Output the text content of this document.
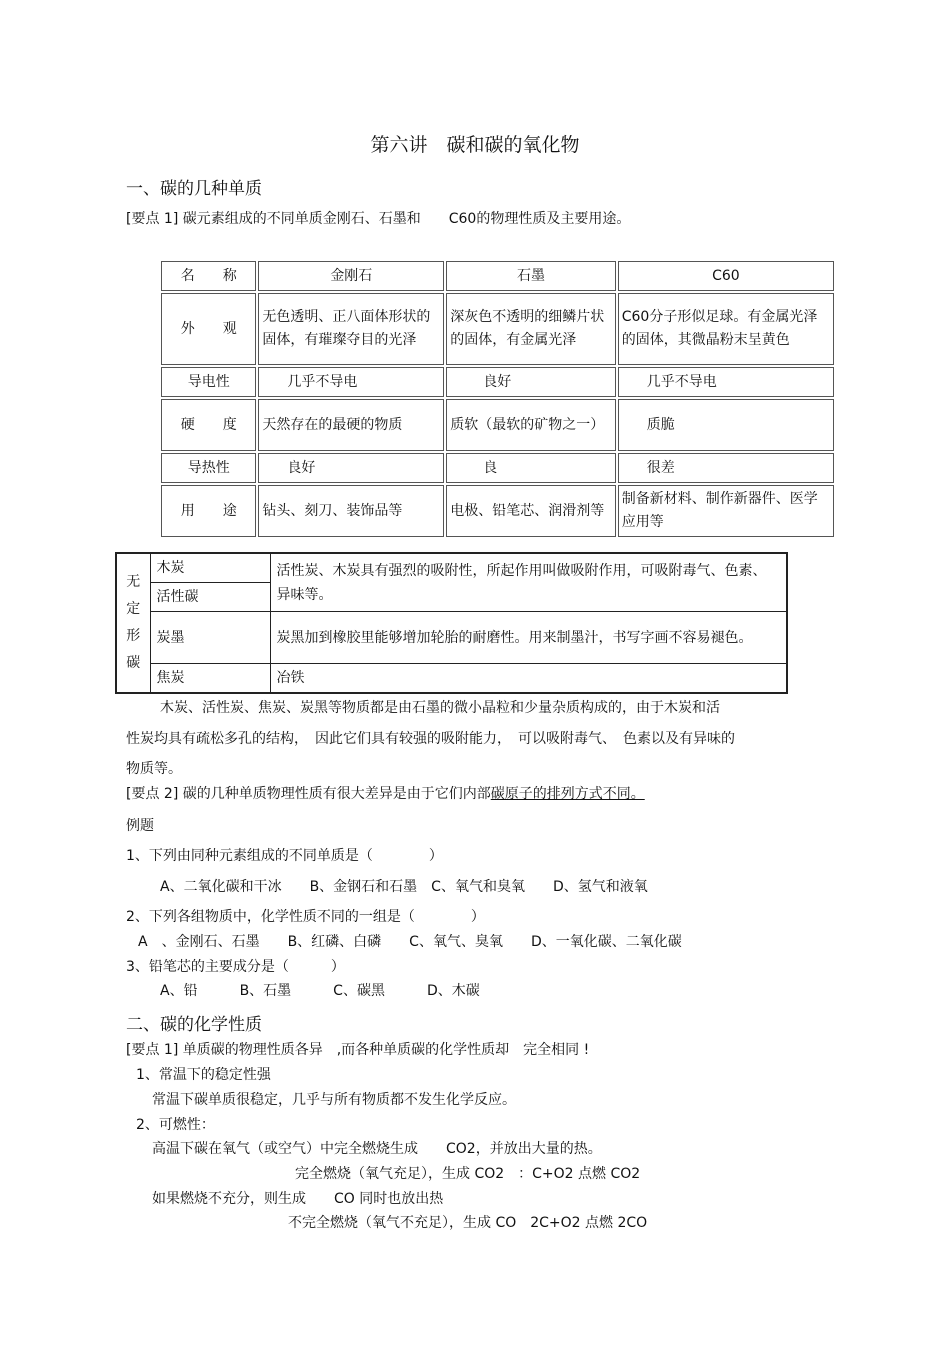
第六讲　碳和碳的氧化物
一、碳的几种单质
[要点 1] 碳元素组成的不同单质金刚石、石墨和　　C60的物理性质及主要用途。
名　　称	金刚石	石墨	C60
外　　观	无色透明、正八面体形状的固体，有璀璨夺目的光泽	深灰色不透明的细鳞片状的固体，有金属光泽	C60分子形似足球。有金属光泽的固体，其微晶粉末呈黄色
导电性	几乎不导电	良好	几乎不导电
硬　　度	天然存在的最硬的物质	质软（最软的矿物之一）	质脆
导热性	良好	良	很差
用　　途	钻头、刻刀、装饰品等	电极、铅笔芯、润滑剂等	制备新材料、制作新器件、医学应用等
无定形碳	木炭	活性炭、木炭具有强烈的吸附性，所起作用叫做吸附作用，可吸附毒气、色素、异味等。
	活性碳	
	炭墨	炭黑加到橡胶里能够增加轮胎的耐磨性。用来制墨汁，书写字画不容易褪色。
	焦炭	冶铁
木炭、活性炭、焦炭、炭黑等物质都是由石墨的微小晶粒和少量杂质构成的，由于木炭和活
性炭均具有疏松多孔的结构，　因此它们具有较强的吸附能力，　可以吸附毒气、　色素以及有异味的
物质等。
[要点 2] 碳的几种单质物理性质有很大差异是由于它们内部碳原子的排列方式不同。
例题
1、下列由同种元素组成的不同单质是（　　　　）
A、二氧化碳和干冰　　B、金钢石和石墨　C、氧气和臭氧　　D、氢气和液氧
2、下列各组物质中，化学性质不同的一组是（　　　　）
A　、金刚石、石墨　　B、红磷、白磷　　C、氧气、臭氧　　D、一氧化碳、二氧化碳
3、铅笔芯的主要成分是（　　　）
A、铅　　　B、石墨　　　C、碳黑　　　D、木碳
二、碳的化学性质
[要点 1] 单质碳的物理性质各异　,而各种单质碳的化学性质却　完全相同 !
1、常温下的稳定性强
常温下碳单质很稳定，几乎与所有物质都不发生化学反应。
2、可燃性：
高温下碳在氧气（或空气）中完全燃烧生成　　CO2，并放出大量的热。
完全燃烧（氧气充足），生成 CO2　：C+O2 点燃 CO2
如果燃烧不充分，则生成　　CO 同时也放出热
不完全燃烧（氧气不充足），生成 CO　2C+O2 点燃 2CO
